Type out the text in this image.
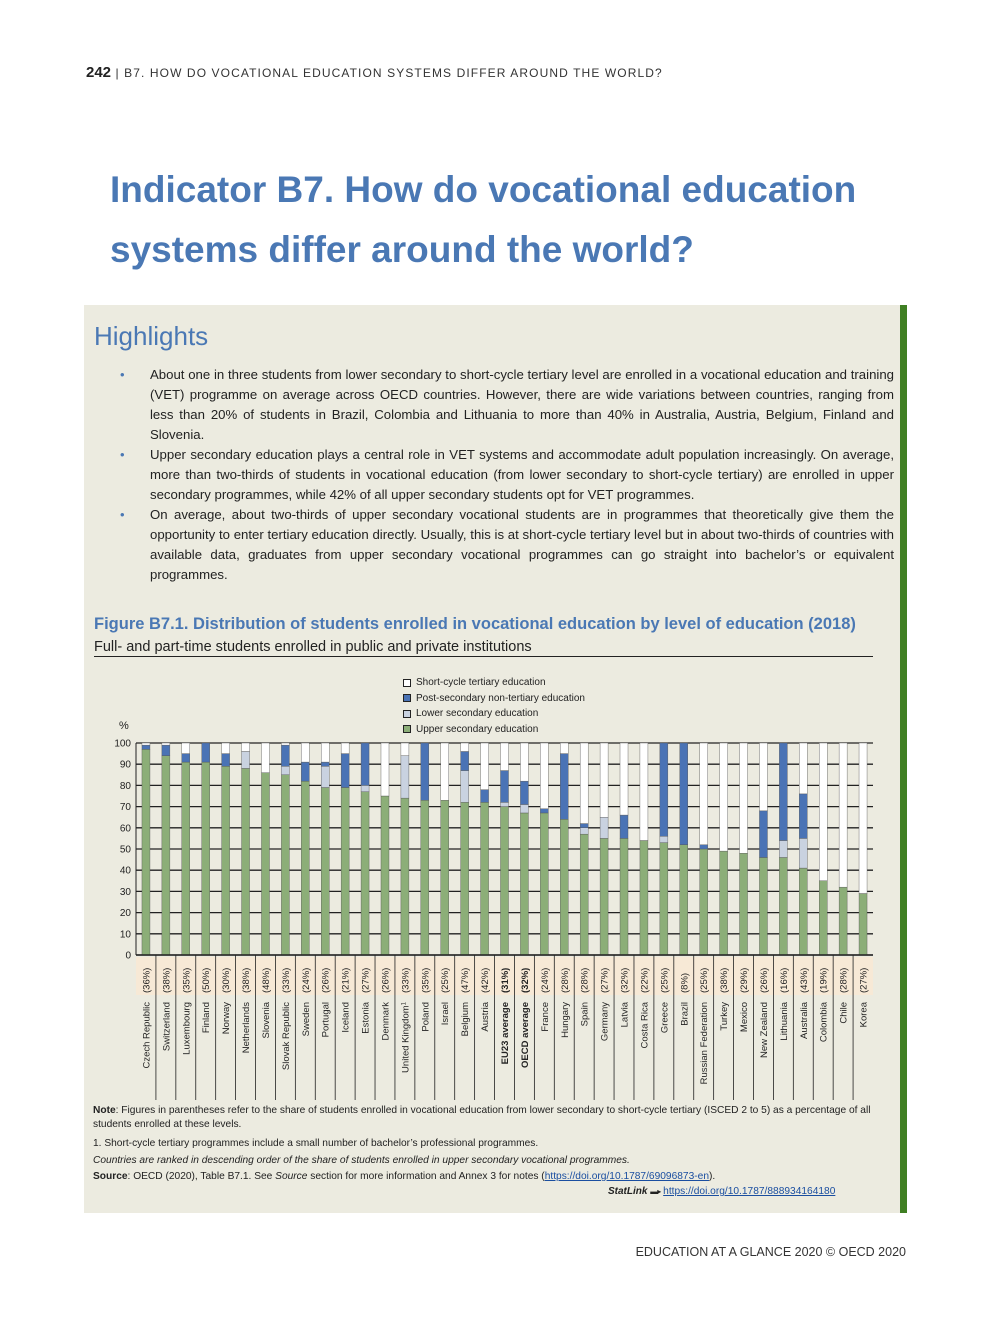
242 | B7. HOW DO VOCATIONAL EDUCATION SYSTEMS DIFFER AROUND THE WORLD?
Indicator B7. How do vocational education
systems differ around the world?
Highlights
• About one in three students from lower secondary to short-cycle tertiary level are enrolled in a vocational education and training (VET) programme on average across OECD countries. However, there are wide variations between countries, ranging from less than 20% of students in Brazil, Colombia and Lithuania to more than 40% in Australia, Austria, Belgium, Finland and Slovenia.
• Upper secondary education plays a central role in VET systems and accommodate adult population increasingly. On average, more than two-thirds of students in vocational education (from lower secondary to short-cycle tertiary) are enrolled in upper secondary programmes, while 42% of all upper secondary students opt for VET programmes.
• On average, about two-thirds of upper secondary vocational students are in programmes that theoretically give them the opportunity to enter tertiary education directly. Usually, this is at short-cycle tertiary level but in about two-thirds of countries with available data, graduates from upper secondary vocational programmes can go straight into bachelor’s or equivalent programmes.
Figure B7.1. Distribution of students enrolled in vocational education by level of education (2018)
Full- and part-time students enrolled in public and private institutions
Short-cycle tertiary education
Post-secondary non-tertiary education
Lower secondary education
Upper secondary education
%
0
10
20
30
40
50
60
70
80
90
100
(36%)
Czech Republic
(38%)
Switzerland
(35%)
Luxembourg
(50%)
Finland
(30%)
Norway
(38%)
Netherlands
(48%)
Slovenia
(33%)
Slovak Republic
(24%)
Sweden
(26%)
Portugal
(21%)
Iceland
(27%)
Estonia
(26%)
Denmark
(33%)
United Kingdom$^1$
(35%)
Poland
(25%)
Israel
(47%)
Belgium
(42%)
Austria
(31%)
EU23 average
(32%)
OECD average
(24%)
France
(28%)
Hungary
(28%)
Spain
(27%)
Germany
(32%)
Latvia
(22%)
Costa Rica
(25%)
Greece
(8%)
Brazil
(25%)
Russian Federation
(38%)
Turkey
(29%)
Mexico
(26%)
New Zealand
(16%)
Lithuania
(43%)
Australia
(19%)
Colombia
(28%)
Chile
(27%)
Korea
Note: Figures in parentheses refer to the share of students enrolled in vocational education from lower secondary to short-cycle tertiary (ISCED 2 to 5) as a percentage of all students enrolled at these levels.
1. Short-cycle tertiary programmes include a small number of bachelor’s professional programmes.
Countries are ranked in descending order of the share of students enrolled in upper secondary vocational programmes.
Source: OECD (2020), Table B7.1. See Source section for more information and Annex 3 for notes (https://doi.org/10.1787/69096873-en).
StatLink ▬▸ https://doi.org/10.1787/888934164180
EDUCATION AT A GLANCE 2020 © OECD 2020
